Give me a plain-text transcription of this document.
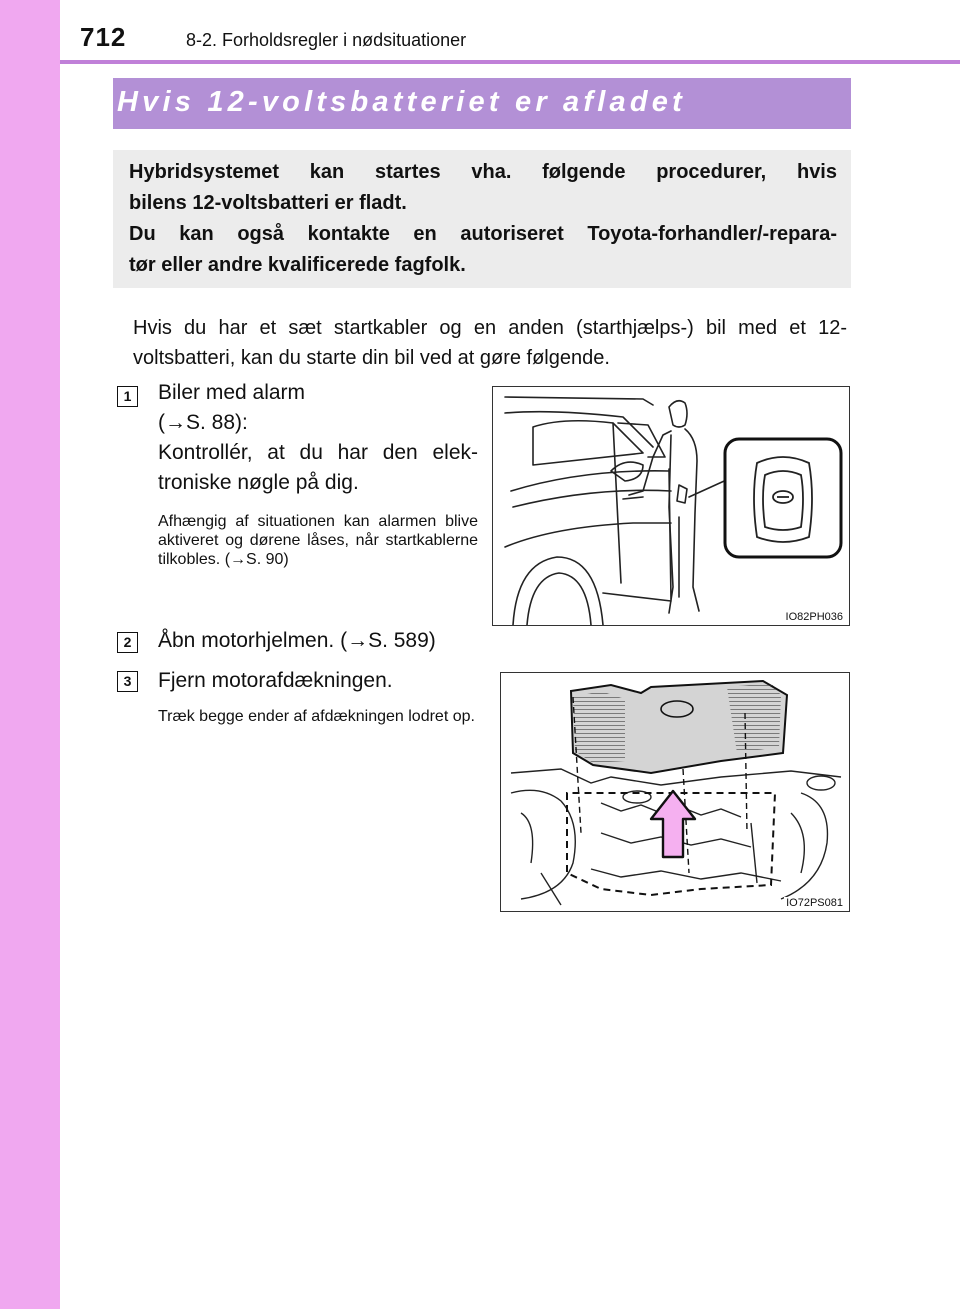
712	8-2. Forholdsregler i nødsituationer
Hvis 12-voltsbatteriet er afladet
Hybridsystemet kan startes vha. følgende procedurer, hvis
bilens 12-voltsbatteri er fladt.
Du kan også kontakte en autoriseret Toyota-forhandler/-repara-
tør eller andre kvalificerede fagfolk.
Hvis du har et sæt startkabler og en anden (starthjælps-) bil med et 12-voltsbatteri, kan du starte din bil ved at gøre følgende.
1	Biler med alarm
(→S. 88):
Kontrollér, at du har den elek-
troniske nøgle på dig.
Afhængig af situationen kan alarmen blive aktiveret og dørene låses, når startkablerne tilkobles. (→S. 90)
IO82PH036
2	Åbn motorhjelmen. (→S. 589)
3	Fjern motorafdækningen.
Træk begge ender af afdækningen lodret op.
IO72PS081
